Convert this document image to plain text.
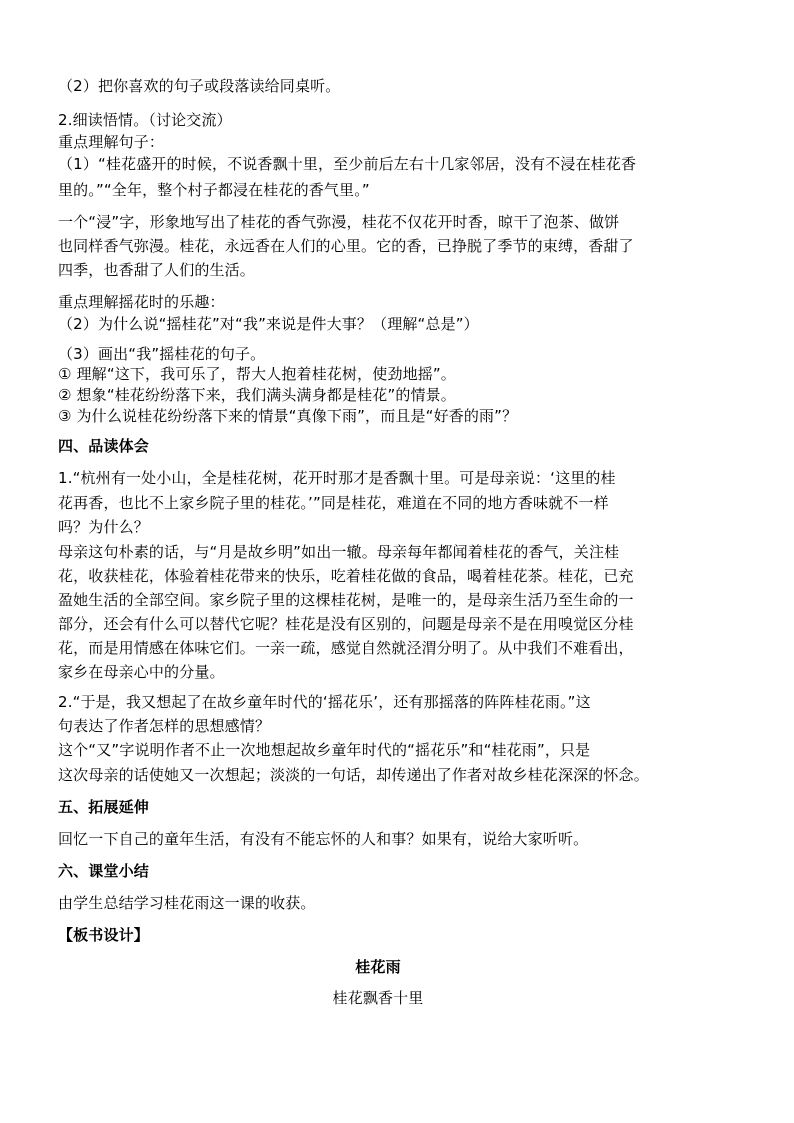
（2）把你喜欢的句子或段落读给同桌听。
2.细读悟情。（讨论交流）
重点理解句子：
（1）“桂花盛开的时候，不说香飘十里，至少前后左右十几家邻居，没有不浸在桂花香
里的。”“全年，整个村子都浸在桂花的香气里。”
一个“浸”字，形象地写出了桂花的香气弥漫，桂花不仅花开时香，晾干了泡茶、做饼
也同样香气弥漫。桂花，永远香在人们的心里。它的香，已挣脱了季节的束缚，香甜了
四季，也香甜了人们的生活。
重点理解摇花时的乐趣：
（2）为什么说“摇桂花”对“我”来说是件大事？（理解“总是”）
（3）画出“我”摇桂花的句子。
① 理解“这下，我可乐了，帮大人抱着桂花树，使劲地摇”。
② 想象“桂花纷纷落下来，我们满头满身都是桂花”的情景。
③ 为什么说桂花纷纷落下来的情景“真像下雨”，而且是“好香的雨”？
四、品读体会
1.“杭州有一处小山，全是桂花树，花开时那才是香飘十里。可是母亲说：‘这里的桂
花再香，也比不上家乡院子里的桂花。’”同是桂花，难道在不同的地方香味就不一样
吗？为什么？
母亲这句朴素的话，与“月是故乡明”如出一辙。母亲每年都闻着桂花的香气，关注桂
花，收获桂花，体验着桂花带来的快乐，吃着桂花做的食品，喝着桂花茶。桂花，已充
盈她生活的全部空间。家乡院子里的这棵桂花树，是唯一的，是母亲生活乃至生命的一
部分，还会有什么可以替代它呢？桂花是没有区别的，问题是母亲不是在用嗅觉区分桂
花，而是用情感在体味它们。一亲一疏，感觉自然就泾渭分明了。从中我们不难看出，
家乡在母亲心中的分量。
2.“于是，我又想起了在故乡童年时代的‘摇花乐’，还有那摇落的阵阵桂花雨。”这
句表达了作者怎样的思想感情？
这个“又”字说明作者不止一次地想起故乡童年时代的“摇花乐”和“桂花雨”，只是
这次母亲的话使她又一次想起；淡淡的一句话，却传递出了作者对故乡桂花深深的怀念。
五、拓展延伸
回忆一下自己的童年生活，有没有不能忘怀的人和事？如果有，说给大家听听。
六、课堂小结
由学生总结学习桂花雨这一课的收获。
【板书设计】
桂花雨
桂花飘香十里
